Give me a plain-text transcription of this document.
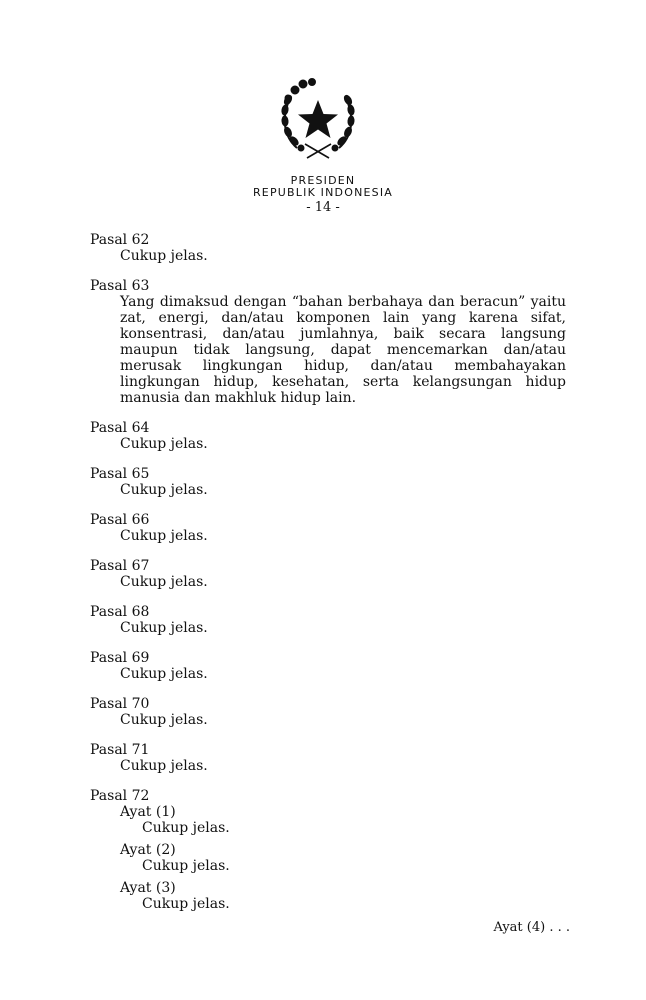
PRESIDEN
REPUBLIK INDONESIA
- 14 -

Pasal 62

Cukup jelas.

Pasal 63

Yang dimaksud dengan “bahan berbahaya dan beracun” yaitu zat, energi, dan/atau komponen lain yang karena sifat, konsentrasi, dan/atau jumlahnya, baik secara langsung maupun tidak langsung, dapat mencemarkan dan/atau merusak lingkungan hidup, dan/atau membahayakan lingkungan hidup, kesehatan, serta kelangsungan hidup manusia dan makhluk hidup lain.

Pasal 64

Cukup jelas.

Pasal 65

Cukup jelas.

Pasal 66

Cukup jelas.

Pasal 67

Cukup jelas.

Pasal 68

Cukup jelas.

Pasal 69

Cukup jelas.

Pasal 70

Cukup jelas.

Pasal 71

Cukup jelas.

Pasal 72

Ayat (1)

Cukup jelas.

Ayat (2)

Cukup jelas.

Ayat (3)

Cukup jelas.

Ayat (4) . . .
